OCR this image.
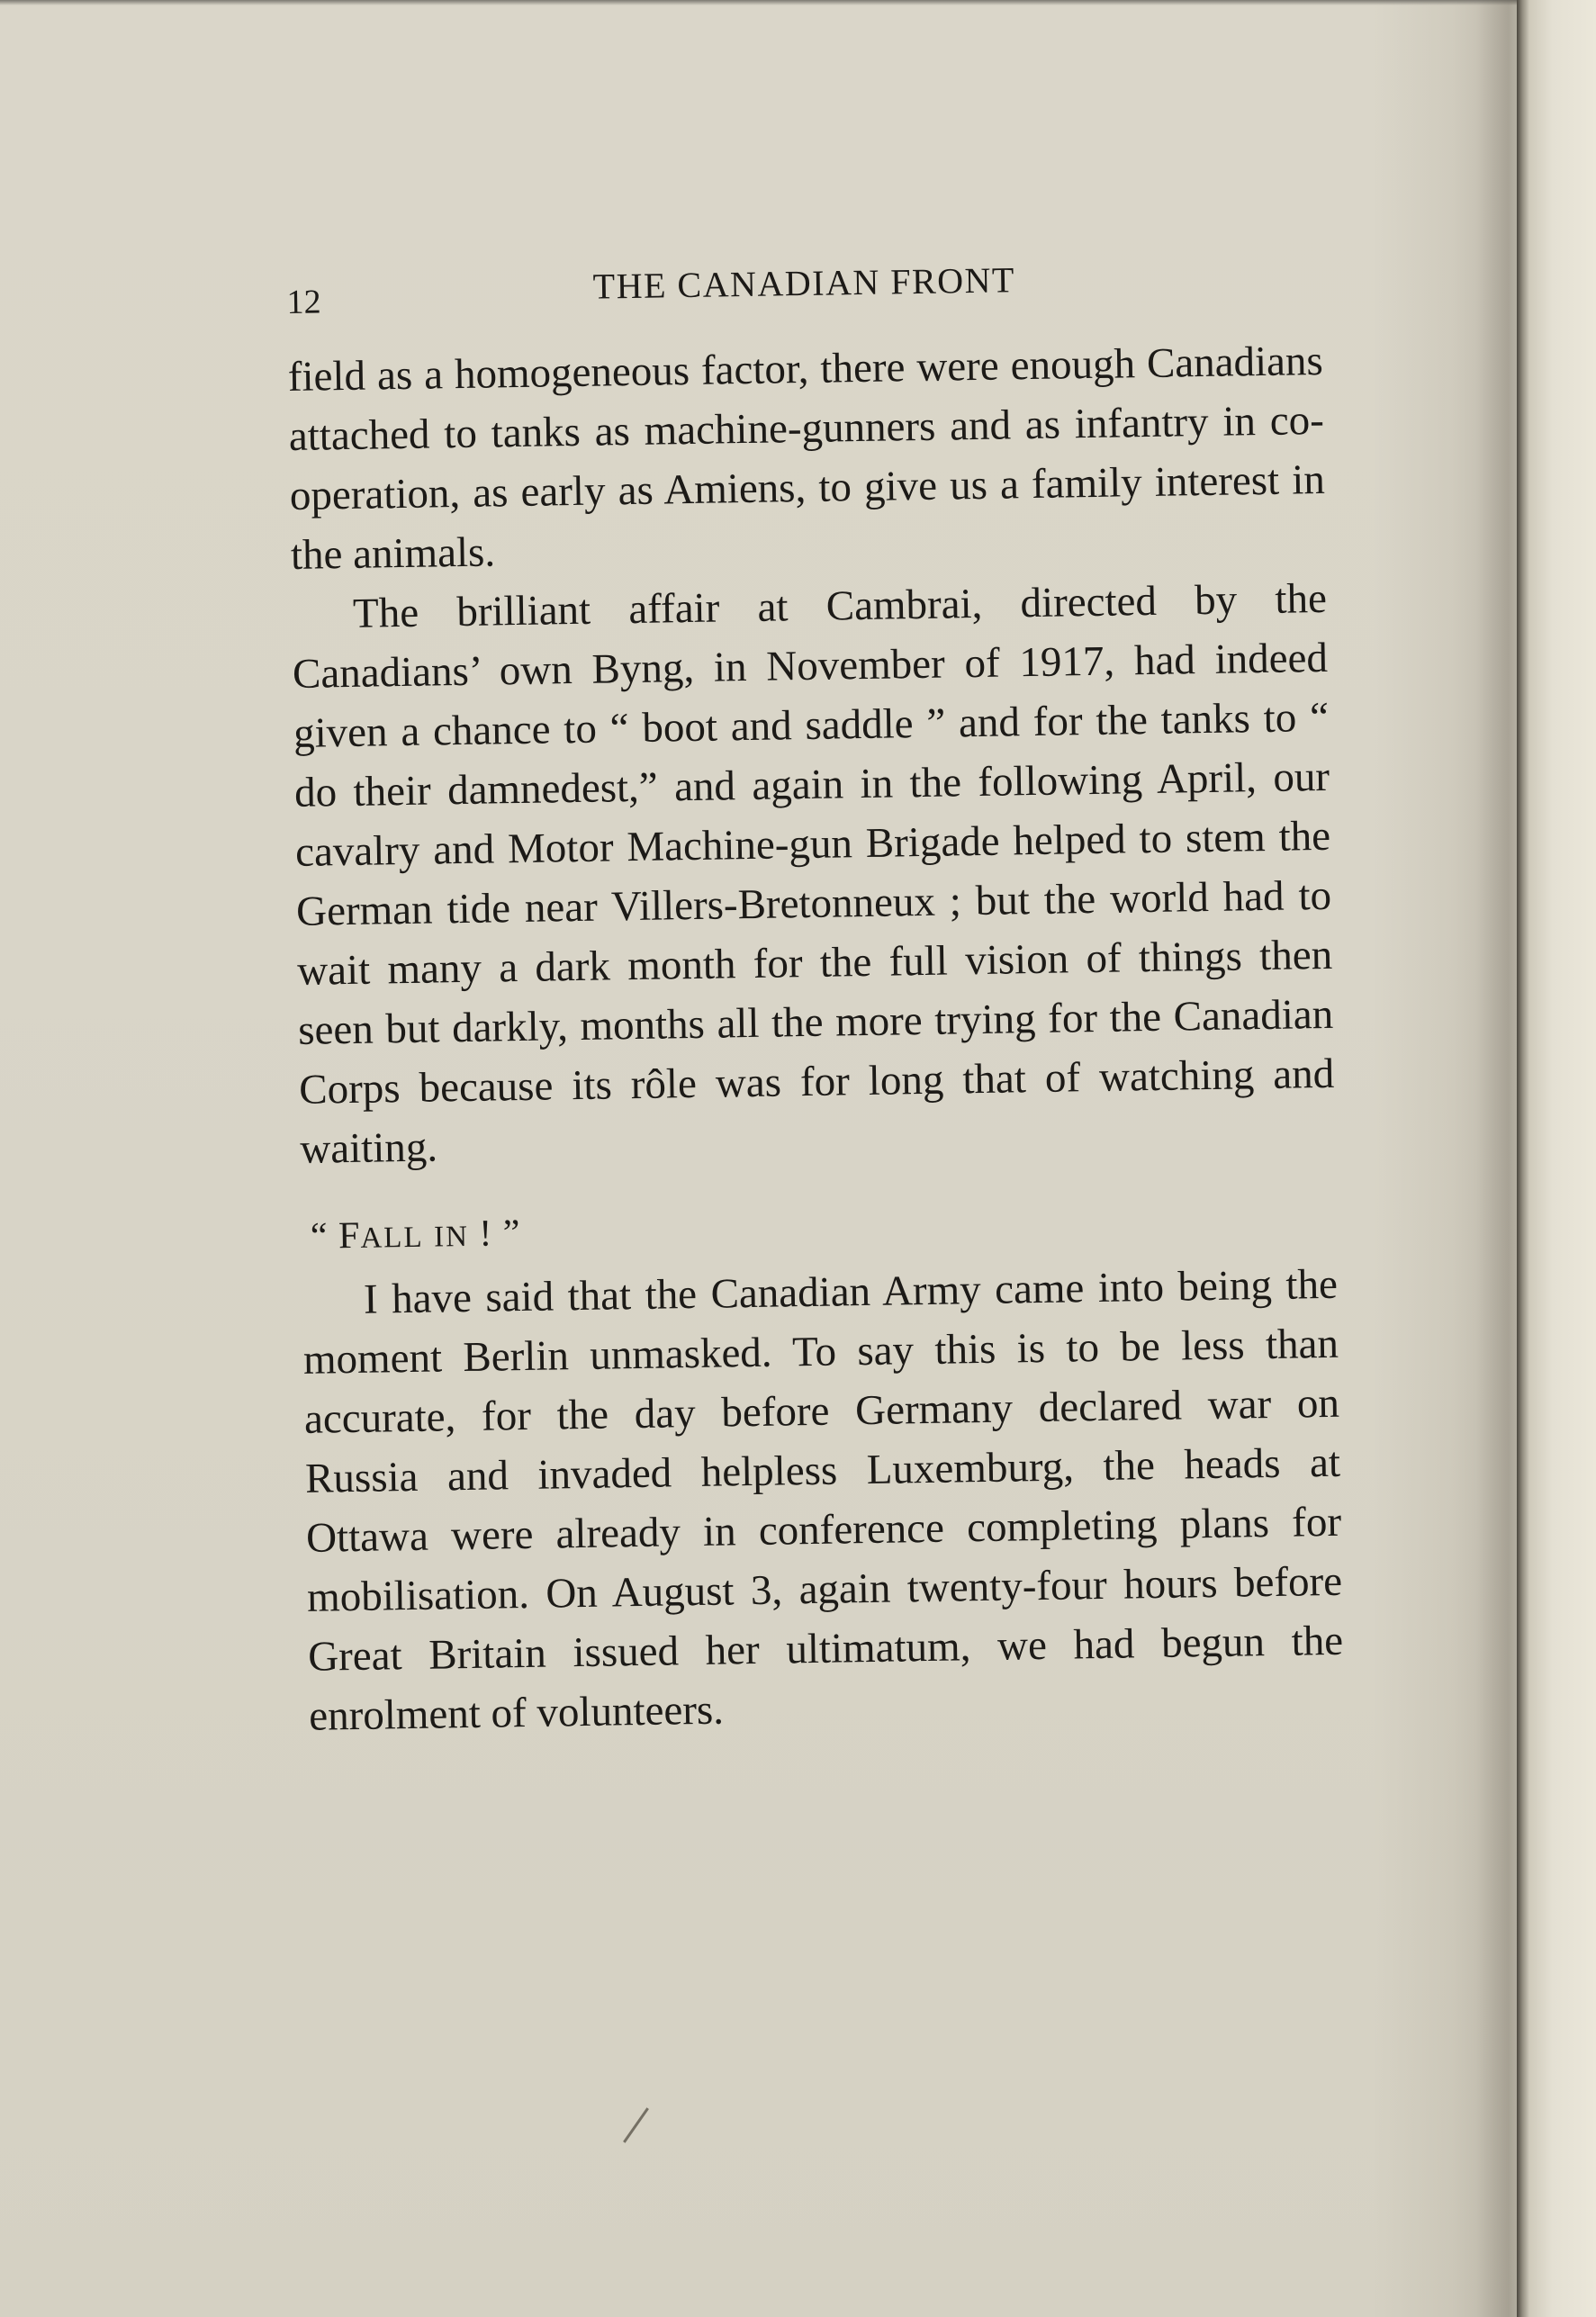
12	THE CANADIAN FRONT

field as a homogeneous factor, there were enough Canadians attached to tanks as machine-gunners and as infantry in co-operation, as early as Amiens, to give us a family interest in the animals.

The brilliant affair at Cambrai, directed by the Canadians’ own Byng, in November of 1917, had indeed given a chance to “ boot and saddle ” and for the tanks to “ do their damnedest,” and again in the following April, our cavalry and Motor Machine-gun Brigade helped to stem the German tide near Villers-Bretonneux ; but the world had to wait many a dark month for the full vision of things then seen but darkly, months all the more trying for the Canadian Corps because its rôle was for long that of watching and waiting.

“ FALL IN ! ”

I have said that the Canadian Army came into being the moment Berlin unmasked. To say this is to be less than accurate, for the day before Germany declared war on Russia and invaded helpless Luxemburg, the heads at Ottawa were already in conference completing plans for mobilisation. On August 3, again twenty-four hours before Great Britain issued her ultimatum, we had begun the enrolment of volunteers.
